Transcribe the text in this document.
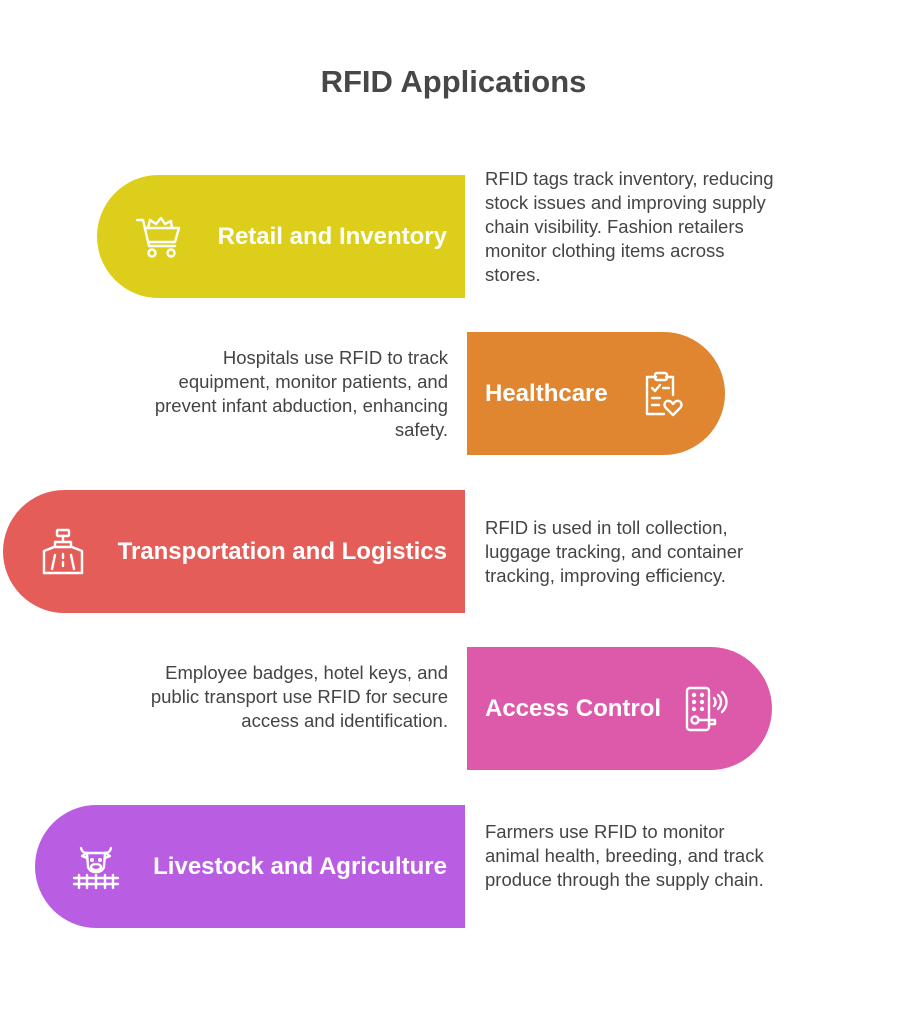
RFID Applications
Retail and Inventory

RFID tags track inventory, reducing stock issues and improving supply chain visibility. Fashion retailers monitor clothing items across stores.

Healthcare

Hospitals use RFID to track equipment, monitor patients, and prevent infant abduction, enhancing safety.

Transportation and Logistics

RFID is used in toll collection, luggage tracking, and container tracking, improving efficiency.

Access Control

Employee badges, hotel keys, and public transport use RFID for secure access and identification.

Livestock and Agriculture

Farmers use RFID to monitor animal health, breeding, and track produce through the supply chain.
